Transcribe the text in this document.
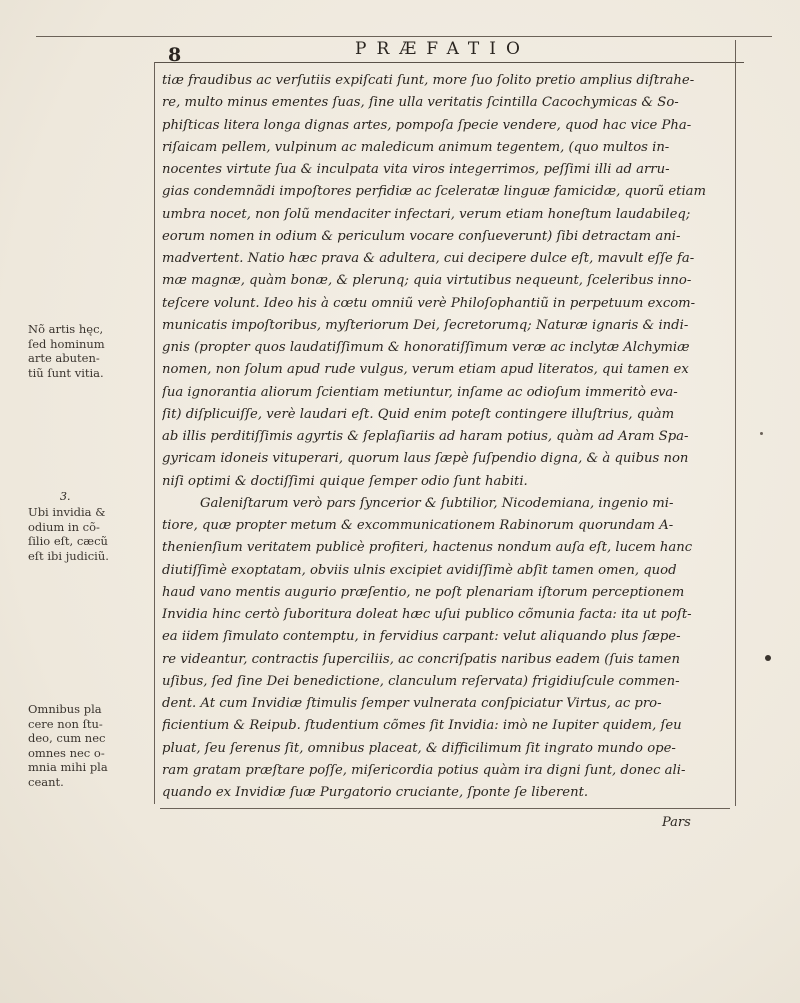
8	PRÆFATIO
tiæ fraudibus ac verſutiis expiſcati ſunt, more ſuo ſolito pretio amplius diſtrahe-
re, multo minus ementes ſuas, ſine ulla veritatis ſcintilla Cacochymicas & So-
phiſticas litera longa dignas artes, pompoſa ſpecie vendere, quod hac vice Pha-
riſaicam pellem, vulpinum ac maledicum animum tegentem, (quo multos in-
nocentes virtute ſua & inculpata vita viros integerrimos, peſſimi illi ad arru-
gias condemnãdi impoſtores perfidiæ ac ſceleratæ linguæ famicidæ, quorũ etiam
umbra nocet, non ſolũ mendaciter infectari, verum etiam honeſtum laudabileq;
eorum nomen in odium & periculum vocare conſueverunt) ſibi detractam ani-
madvertent. Natio hæc prava & adultera, cui decipere dulce eſt, mavult eſſe fa-
mæ magnæ, quàm bonæ, & plerunq; quia virtutibus nequeunt, ſceleribus inno-
teſcere volunt. Ideo his à cœtu omniũ verè Philoſophantiũ in perpetuum excom-
municatis impoſtoribus, myſteriorum Dei, ſecretorumq; Naturæ ignaris & indi-
gnis (propter quos laudatiſſimum & honoratiſſimum veræ ac inclytæ Alchymiæ
nomen, non ſolum apud rude vulgus, verum etiam apud literatos, qui tamen ex
ſua ignorantia aliorum ſcientiam metiuntur, inſame ac odioſum immeritò eva-
ſit) diſplicuiſſe, verè laudari eſt. Quid enim poteſt contingere illuſtrius, quàm
ab illis perditiſſimis agyrtis & ſeplaſiariis ad haram potius, quàm ad Aram Spa-
gyricam idoneis vituperari, quorum laus ſæpè ſuſpendio digna, & à quibus non
niſi optimi & doctiſſimi quique ſemper odio ſunt habiti.
Galeniſtarum verò pars ſyncerior & ſubtilior, Nicodemiana, ingenio mi-
tiore, quæ propter metum & excommunicationem Rabinorum quorundam A-
thenienſium veritatem publicè profiteri, hactenus nondum auſa eſt, lucem hanc
diutiſſimè exoptatam, obviis ulnis excipiet avidiſſimè abſit tamen omen, quod
haud vano mentis augurio præſentio, ne poſt plenariam iſtorum perceptionem
Invidia hinc certò ſuboritura doleat hæc uſui publico cõmunia facta: ita ut poſt-
ea iidem ſimulato contemptu, in fervidius carpant: velut aliquando plus ſæpe-
re videantur, contractis ſuperciliis, ac concriſpatis naribus eadem (ſuis tamen
uſibus, ſed ſine Dei benedictione, clanculum reſervata) frigidiuſcule commen-
dent. At cum Invidiæ ſtimulis ſemper vulnerata conſpiciatur Virtus, ac pro-
ficientium & Reipub. ſtudentium cõmes ſit Invidia: imò ne Iupiter quidem, ſeu
pluat, ſeu ſerenus ſit, omnibus placeat, & difficilimum ſit ingrato mundo ope-
ram gratam præſtare poſſe, miſericordia potius quàm ira digni ſunt, donec ali-
quando ex Invidiæ ſuæ Purgatorio cruciante, ſponte ſe liberent.
Nõ artis hęc,
ſed hominum
arte abuten-
tiũ ſunt vitia.
3.
Ubi invidia &
odium in cõ-
ſilio eſt, cæcũ
eſt ibi judiciũ.
Omnibus pla
cere non ſtu-
deo, cum nec
omnes nec o-
mnia mihi pla
ceant.
Pars
